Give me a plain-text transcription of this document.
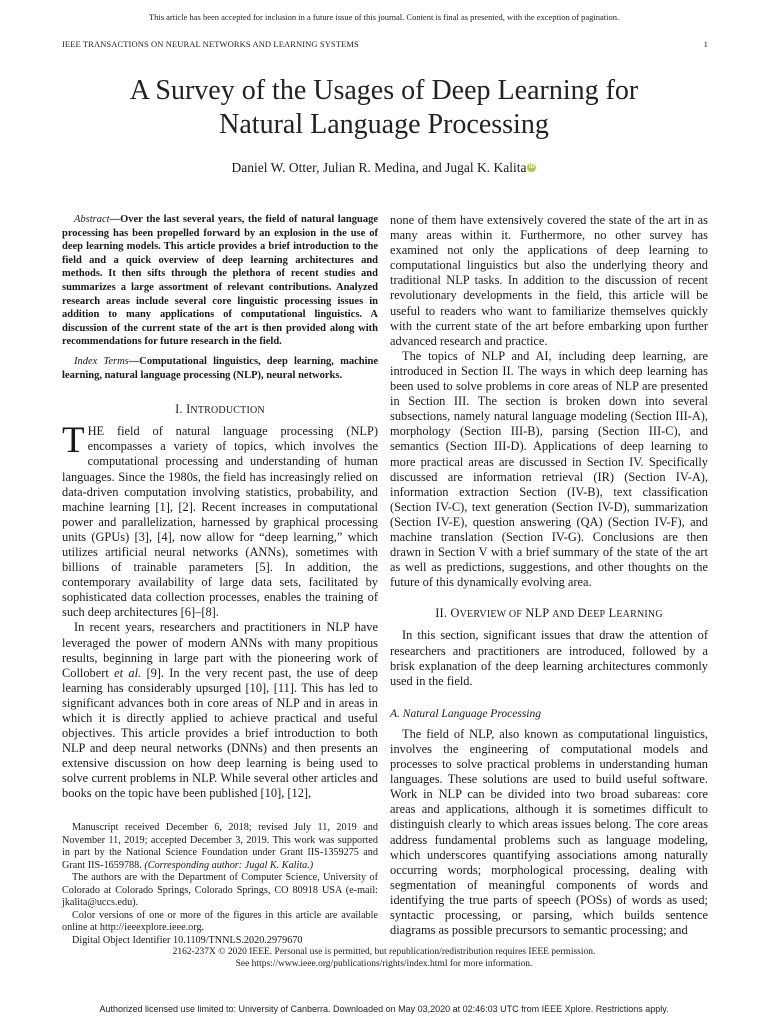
This article has been accepted for inclusion in a future issue of this journal. Content is final as presented, with the exception of pagination.
IEEE TRANSACTIONS ON NEURAL NETWORKS AND LEARNING SYSTEMS	1
A Survey of the Usages of Deep Learning for
Natural Language Processing
Daniel W. Otter, Julian R. Medina, and Jugal K. Kalita iD

Abstract—Over the last several years, the field of natural language processing has been propelled forward by an explosion in the use of deep learning models. This article provides a brief introduction to the field and a quick overview of deep learning architectures and methods. It then sifts through the plethora of recent studies and summarizes a large assortment of relevant contributions. Analyzed research areas include several core linguistic processing issues in addition to many applications of computational linguistics. A discussion of the current state of the art is then provided along with recommendations for future research in the field.

Index Terms—Computational linguistics, deep learning, machine learning, natural language processing (NLP), neural networks.

I. INTRODUCTION

THE field of natural language processing (NLP) encompasses a variety of topics, which involves the computational processing and understanding of human languages. Since the 1980s, the field has increasingly relied on data-driven computation involving statistics, probability, and machine learning [1], [2]. Recent increases in computational power and parallelization, harnessed by graphical processing units (GPUs) [3], [4], now allow for “deep learning,” which utilizes artificial neural networks (ANNs), sometimes with billions of trainable parameters [5]. In addition, the contemporary availability of large data sets, facilitated by sophisticated data collection processes, enables the training of such deep architectures [6]–[8].

In recent years, researchers and practitioners in NLP have leveraged the power of modern ANNs with many propitious results, beginning in large part with the pioneering work of Collobert et al. [9]. In the very recent past, the use of deep learning has considerably upsurged [10], [11]. This has led to significant advances both in core areas of NLP and in areas in which it is directly applied to achieve practical and useful objectives. This article provides a brief introduction to both NLP and deep neural networks (DNNs) and then presents an extensive discussion on how deep learning is being used to solve current problems in NLP. While several other articles and books on the topic have been published [10], [12],

Manuscript received December 6, 2018; revised July 11, 2019 and November 11, 2019; accepted December 3, 2019. This work was supported in part by the National Science Foundation under Grant IIS-1359275 and Grant IIS-1659788. (Corresponding author: Jugal K. Kalita.)

The authors are with the Department of Computer Science, University of Colorado at Colorado Springs, Colorado Springs, CO 80918 USA (e-mail: jkalita@uccs.edu).

Color versions of one or more of the figures in this article are available online at http://ieeexplore.ieee.org.

Digital Object Identifier 10.1109/TNNLS.2020.2979670

none of them have extensively covered the state of the art in as many areas within it. Furthermore, no other survey has examined not only the applications of deep learning to computational linguistics but also the underlying theory and traditional NLP tasks. In addition to the discussion of recent revolutionary developments in the field, this article will be useful to readers who want to familiarize themselves quickly with the current state of the art before embarking upon further advanced research and practice.

The topics of NLP and AI, including deep learning, are introduced in Section II. The ways in which deep learning has been used to solve problems in core areas of NLP are presented in Section III. The section is broken down into several subsections, namely natural language modeling (Section III-A), morphology (Section III-B), parsing (Section III-C), and semantics (Section III-D). Applications of deep learning to more practical areas are discussed in Section IV. Specifically discussed are information retrieval (IR) (Section IV-A), information extraction Section (IV-B), text classification (Section IV-C), text generation (Section IV-D), summarization (Section IV-E), question answering (QA) (Section IV-F), and machine translation (Section IV-G). Conclusions are then drawn in Section V with a brief summary of the state of the art as well as predictions, suggestions, and other thoughts on the future of this dynamically evolving area.

II. OVERVIEW OF NLP AND DEEP LEARNING

In this section, significant issues that draw the attention of researchers and practitioners are introduced, followed by a brisk explanation of the deep learning architectures commonly used in the field.

A. Natural Language Processing

The field of NLP, also known as computational linguistics, involves the engineering of computational models and processes to solve practical problems in understanding human languages. These solutions are used to build useful software. Work in NLP can be divided into two broad subareas: core areas and applications, although it is sometimes difficult to distinguish clearly to which areas issues belong. The core areas address fundamental problems such as language modeling, which underscores quantifying associations among naturally occurring words; morphological processing, dealing with segmentation of meaningful components of words and identifying the true parts of speech (POSs) of words as used; syntactic processing, or parsing, which builds sentence diagrams as possible precursors to semantic processing; and

2162-237X © 2020 IEEE. Personal use is permitted, but republication/redistribution requires IEEE permission.
See https://www.ieee.org/publications/rights/index.html for more information.
Authorized licensed use limited to: University of Canberra. Downloaded on May 03,2020 at 02:46:03 UTC from IEEE Xplore. Restrictions apply.
